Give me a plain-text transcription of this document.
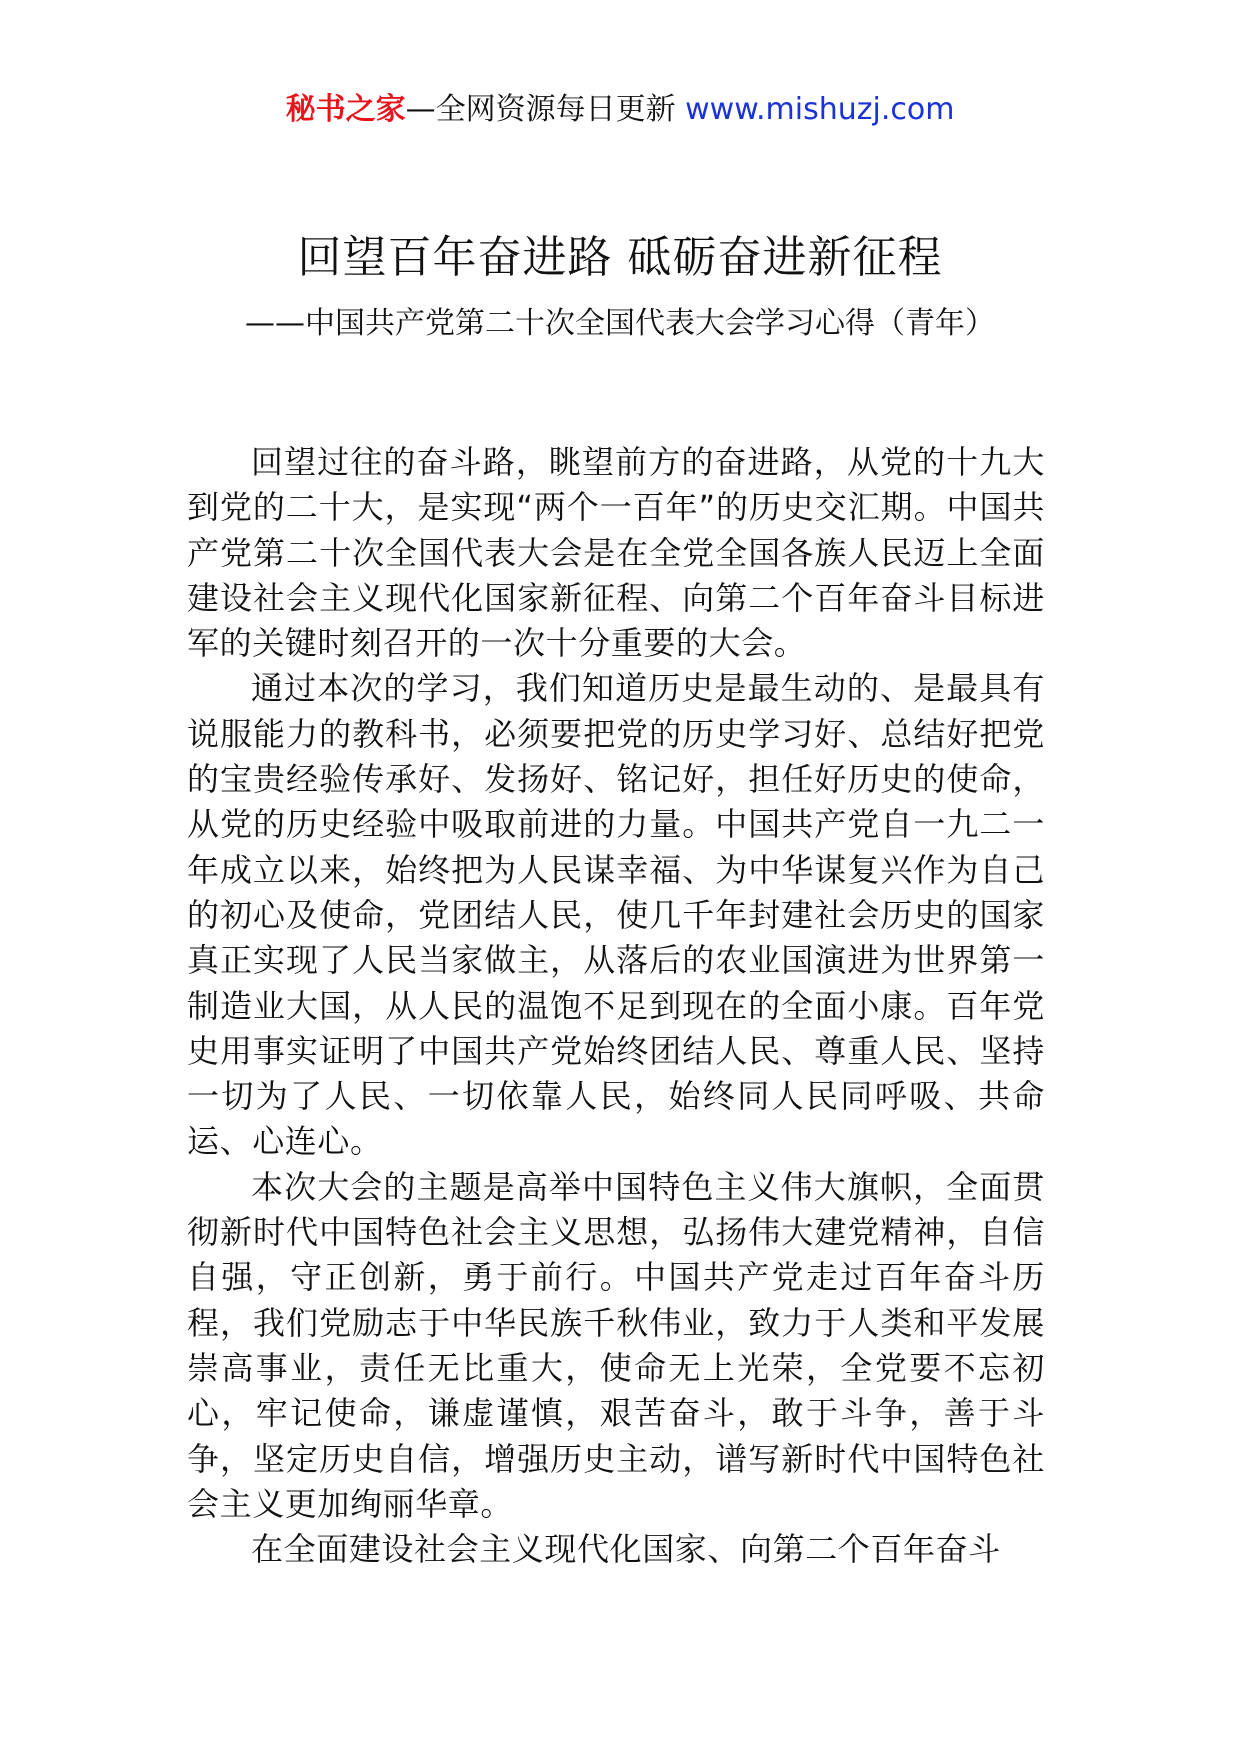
秘书之家—全网资源每日更新 www.mishuzj.com
回望百年奋进路 砥砺奋进新征程
——中国共产党第二十次全国代表大会学习心得（青年）

回望过往的奋斗路，眺望前方的奋进路，从党的十九大到党的二十大，是实现“两个一百年”的历史交汇期。中国共产党第二十次全国代表大会是在全党全国各族人民迈上全面建设社会主义现代化国家新征程、向第二个百年奋斗目标进军的关键时刻召开的一次十分重要的大会。

通过本次的学习，我们知道历史是最生动的、是最具有说服能力的教科书，必须要把党的历史学习好、总结好把党的宝贵经验传承好、发扬好、铭记好，担任好历史的使命，从党的历史经验中吸取前进的力量。中国共产党自一九二一年成立以来，始终把为人民谋幸福、为中华谋复兴作为自己的初心及使命，党团结人民，使几千年封建社会历史的国家真正实现了人民当家做主，从落后的农业国演进为世界第一制造业大国，从人民的温饱不足到现在的全面小康。百年党史用事实证明了中国共产党始终团结人民、尊重人民、坚持一切为了人民、一切依靠人民，始终同人民同呼吸、共命运、心连心。

本次大会的主题是高举中国特色主义伟大旗帜，全面贯彻新时代中国特色社会主义思想，弘扬伟大建党精神，自信自强，守正创新，勇于前行。中国共产党走过百年奋斗历程，我们党励志于中华民族千秋伟业，致力于人类和平发展崇高事业，责任无比重大，使命无上光荣，全党要不忘初心，牢记使命，谦虚谨慎，艰苦奋斗，敢于斗争，善于斗争，坚定历史自信，增强历史主动，谱写新时代中国特色社会主义更加绚丽华章。

在全面建设社会主义现代化国家、向第二个百年奋斗
